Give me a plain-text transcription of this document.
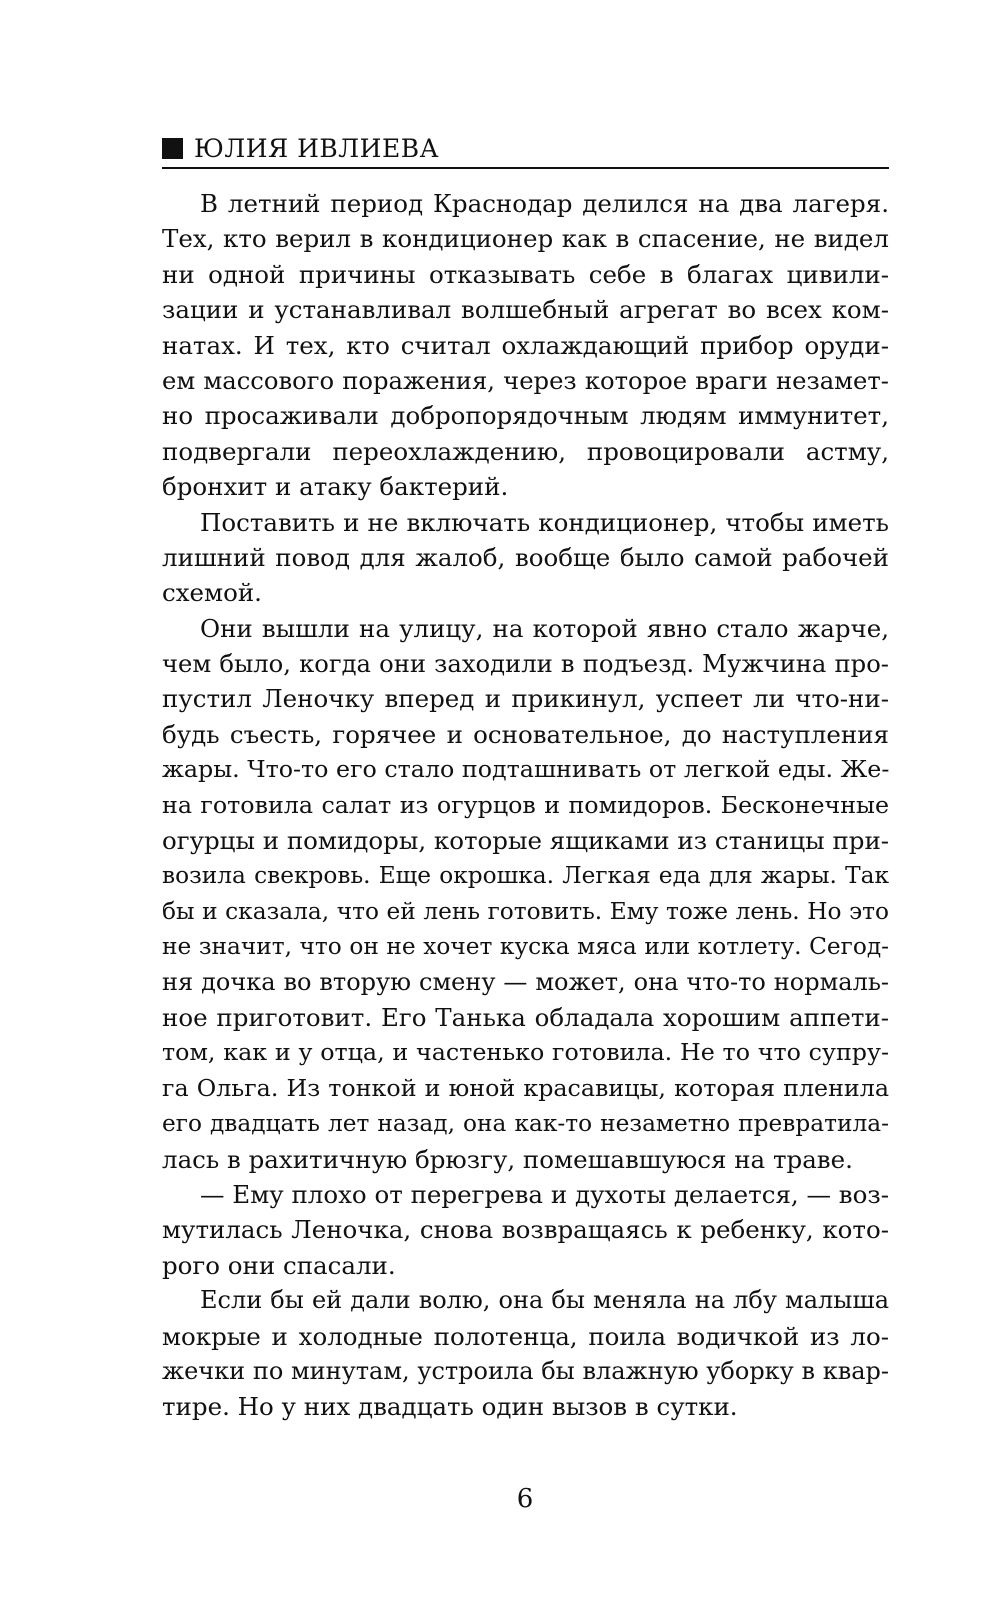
ЮЛИЯ ИВЛИЕВА
В летний период Краснодар делился на два лагеря.
Тех, кто верил в кондиционер как в спасение, не видел
ни одной причины отказывать себе в благах цивили-
зации и устанавливал волшебный агрегат во всех ком-
натах. И тех, кто считал охлаждающий прибор оруди-
ем массового поражения, через которое враги незамет-
но просаживали добропорядочным людям иммунитет,
подвергали переохлаждению, провоцировали астму,
бронхит и атаку бактерий.
Поставить и не включать кондиционер, чтобы иметь
лишний повод для жалоб, вообще было самой рабочей
схемой.
Они вышли на улицу, на которой явно стало жарче,
чем было, когда они заходили в подъезд. Мужчина про-
пустил Леночку вперед и прикинул, успеет ли что-ни-
будь съесть, горячее и основательное, до наступления
жары. Что-то его стало подташнивать от легкой еды. Же-
на готовила салат из огурцов и помидоров. Бесконечные
огурцы и помидоры, которые ящиками из станицы при-
возила свекровь. Еще окрошка. Легкая еда для жары. Так
бы и сказала, что ей лень готовить. Ему тоже лень. Но это
не значит, что он не хочет куска мяса или котлету. Сегод-
ня дочка во вторую смену — может, она что-то нормаль-
ное приготовит. Его Танька обладала хорошим аппети-
том, как и у отца, и частенько готовила. Не то что супру-
га Ольга. Из тонкой и юной красавицы, которая пленила
его двадцать лет назад, она как-то незаметно превратила-
лась в рахитичную брюзгу, помешавшуюся на траве.
— Ему плохо от перегрева и духоты делается, — воз-
мутилась Леночка, снова возвращаясь к ребенку, кото-
рого они спасали.
Если бы ей дали волю, она бы меняла на лбу малыша
мокрые и холодные полотенца, поила водичкой из ло-
жечки по минутам, устроила бы влажную уборку в квар-
тире. Но у них двадцать один вызов в сутки.
6
